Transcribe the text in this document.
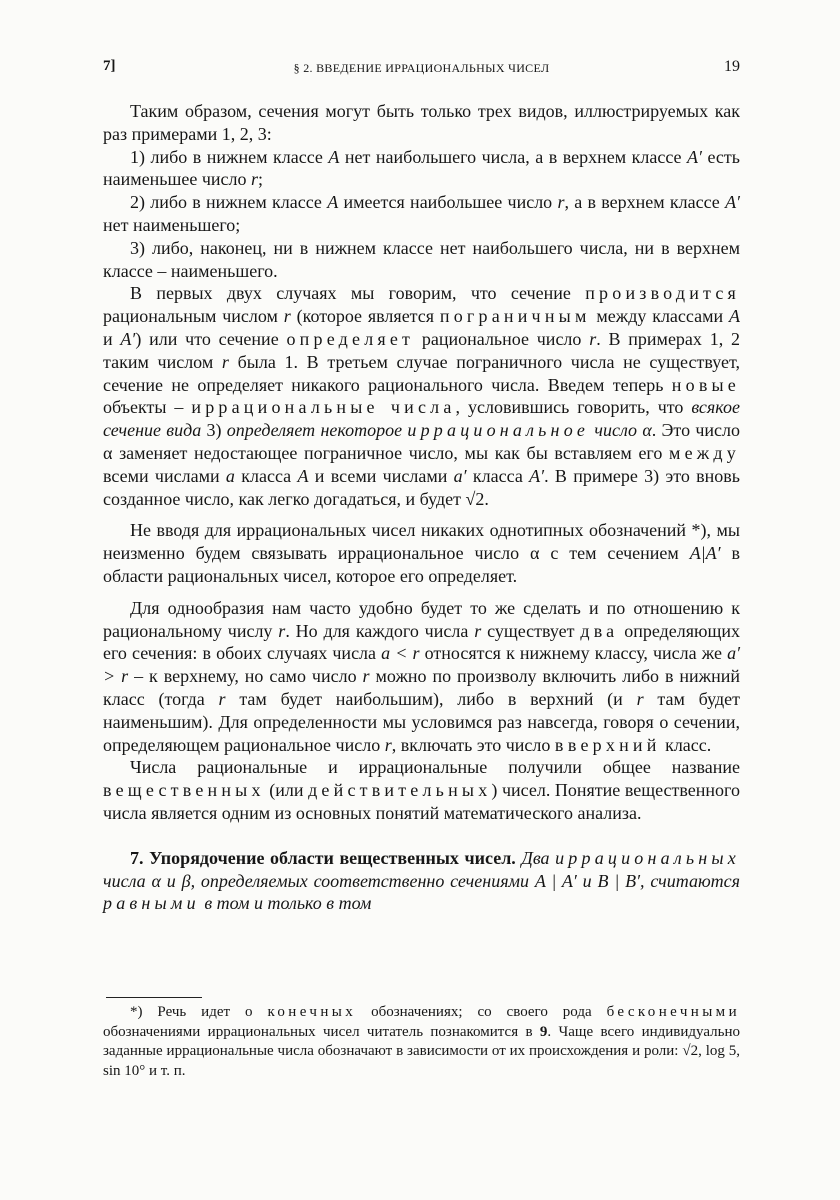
7]	§ 2. ВВЕДЕНИЕ ИРРАЦИОНАЛЬНЫХ ЧИСЕЛ	19

Таким образом, сечения могут быть только трех видов, иллюстрируемых как раз примерами 1, 2, 3:

1) либо в нижнем классе A нет наибольшего числа, а в верхнем классе A′ есть наименьшее число r;

2) либо в нижнем классе A имеется наибольшее число r, а в верхнем классе A′ нет наименьшего;

3) либо, наконец, ни в нижнем классе нет наибольшего числа, ни в верхнем классе – наименьшего.

В первых двух случаях мы говорим, что сечение производится рациональным числом r (которое является пограничным между классами A и A′) или что сечение определяет рациональное число r. В примерах 1, 2 таким числом r была 1. В третьем случае пограничного числа не существует, сечение не определяет никакого рационального числа. Введем теперь новые объекты – иррациональные числа, условившись говорить, что всякое сечение вида 3) определяет некоторое иррациональное число α. Это число α заменяет недостающее пограничное число, мы как бы вставляем его между всеми числами a класса A и всеми числами a′ класса A′. В примере 3) это вновь созданное число, как легко догадаться, и будет √2.

Не вводя для иррациональных чисел никаких однотипных обозначений *), мы неизменно будем связывать иррациональное число α с тем сечением A|A′ в области рациональных чисел, которое его определяет.

Для однообразия нам часто удобно будет то же сделать и по отношению к рациональному числу r. Но для каждого числа r существует два определяющих его сечения: в обоих случаях числа a < r относятся к нижнему классу, числа же a′ > r – к верхнему, но само число r можно по произволу включить либо в нижний класс (тогда r там будет наибольшим), либо в верхний (и r там будет наименьшим). Для определенности мы условимся раз навсегда, говоря о сечении, определяющем рациональное число r, включать это число в верхний класс.

Числа рациональные и иррациональные получили общее название вещественных (или действительных) чисел. Понятие вещественного числа является одним из основных понятий математического анализа.

7. Упорядочение области вещественных чисел. Два иррациональных числа α и β, определяемых соответственно сечениями A | A′ и B | B′, считаются равными в том и только в том

*) Речь идет о конечных обозначениях; со своего рода бесконечными обозначениями иррациональных чисел читатель познакомится в 9. Чаще всего индивидуально заданные иррациональные числа обозначают в зависимости от их происхождения и роли: √2, log 5, sin 10° и т. п.
